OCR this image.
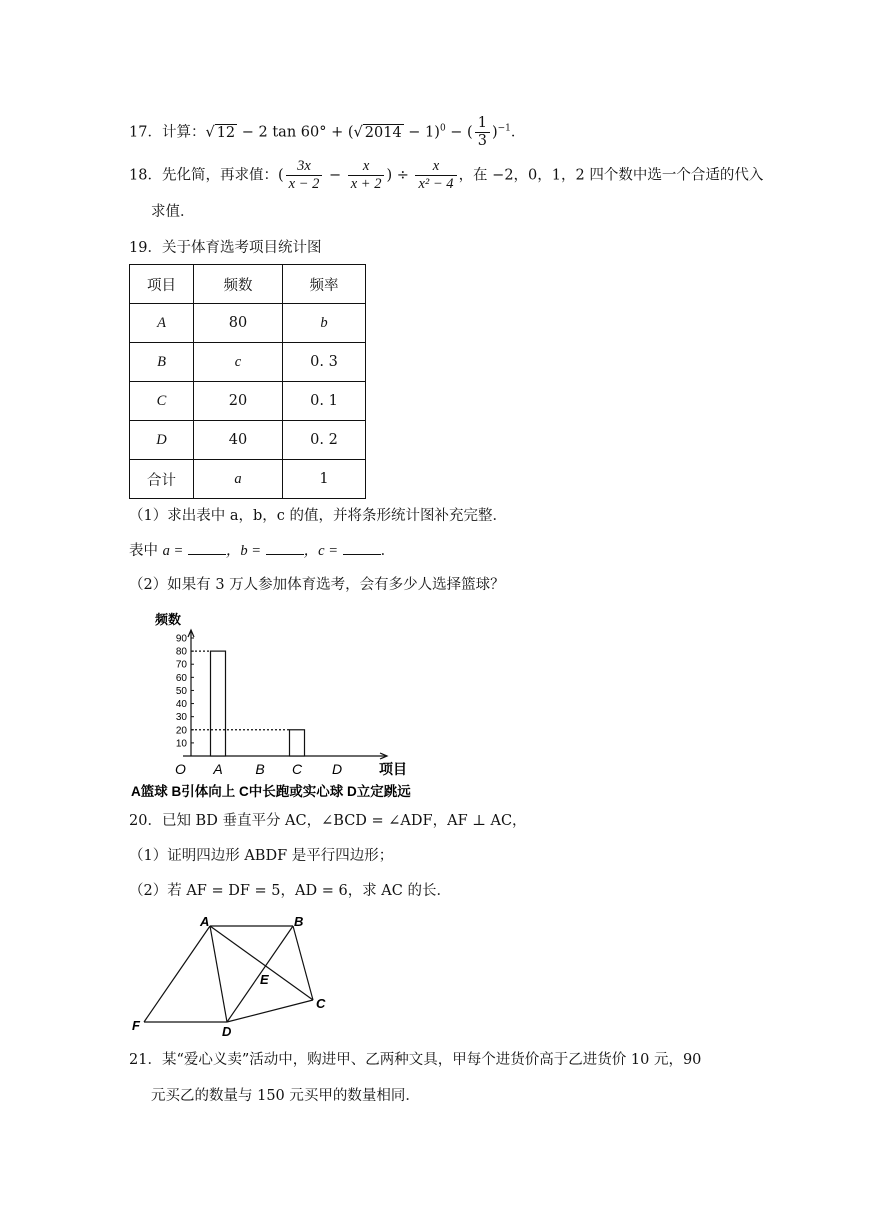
17．计算：√ 12 − 2 tan 60° + (√ 2014 − 1)$^0$ − ( $\frac{1}{3} )^{-1}$．
18．先化简，再求值：( $\frac{3x}{x - 2} - \frac{x}{x + 2}$ ) ÷ $\frac{x}{\text{x² − 4}}$ ，在 −2，0，1，2 四个数中选一个合适的代入
求值．
19．关于体育选考项目统计图
项目	频数	频率
A	80	b
B	c	0. 3
C	20	0. 1
D	40	0. 2
合计	a	1
（1）求出表中 a，b，c 的值，并将条形统计图补充完整．
表中 a =	，b =	，c =	．
（2）如果有 3 万人参加体育选考，会有多少人选择篮球？
频数
项目
O
10
20
30
40
50
60
70
80
90
A B C D
A篮球 B引体向上 C中长跑或实心球 D立定跳远
20．已知 BD 垂直平分 AC，∠BCD = ∠ADF，AF ⊥ AC，
（1）证明四边形 ABDF 是平行四边形；
（2）若 AF = DF = 5，AD = 6，求 AC 的长．
A	B
C
D
E
F
21．某“爱心义卖”活动中，购进甲、乙两种文具，甲每个进货价高于乙进货价 10 元，90
元买乙的数量与 150 元买甲的数量相同．
